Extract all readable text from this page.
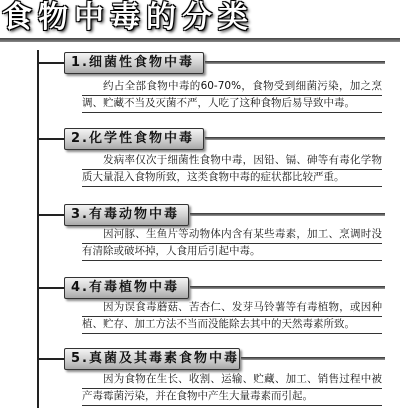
食物中毒的分类
1.细菌性食物中毒
约占全部食物中毒的60-70%，食物受到细菌污染，加之烹调、贮藏不当及灭菌不严，人吃了这种食物后易导致中毒。
2.化学性食物中毒
发病率仅次于细菌性食物中毒，因铅、镉、砷等有毒化学物质大量混入食物所致，这类食物中毒的症状都比较严重。
3.有毒动物中毒
因河豚、生鱼片等动物体内含有某些毒素，加工、烹调时没有清除或破坏掉，人食用后引起中毒。
4.有毒植物中毒
因为误食毒蘑菇、苦杏仁、发芽马铃薯等有毒植物，或因种植、贮存、加工方法不当而没能除去其中的天然毒素所致。
5.真菌及其毒素食物中毒
因为食物在生长、收割、运输、贮藏、加工、销售过程中被产毒霉菌污染，并在食物中产生大量毒素而引起。
